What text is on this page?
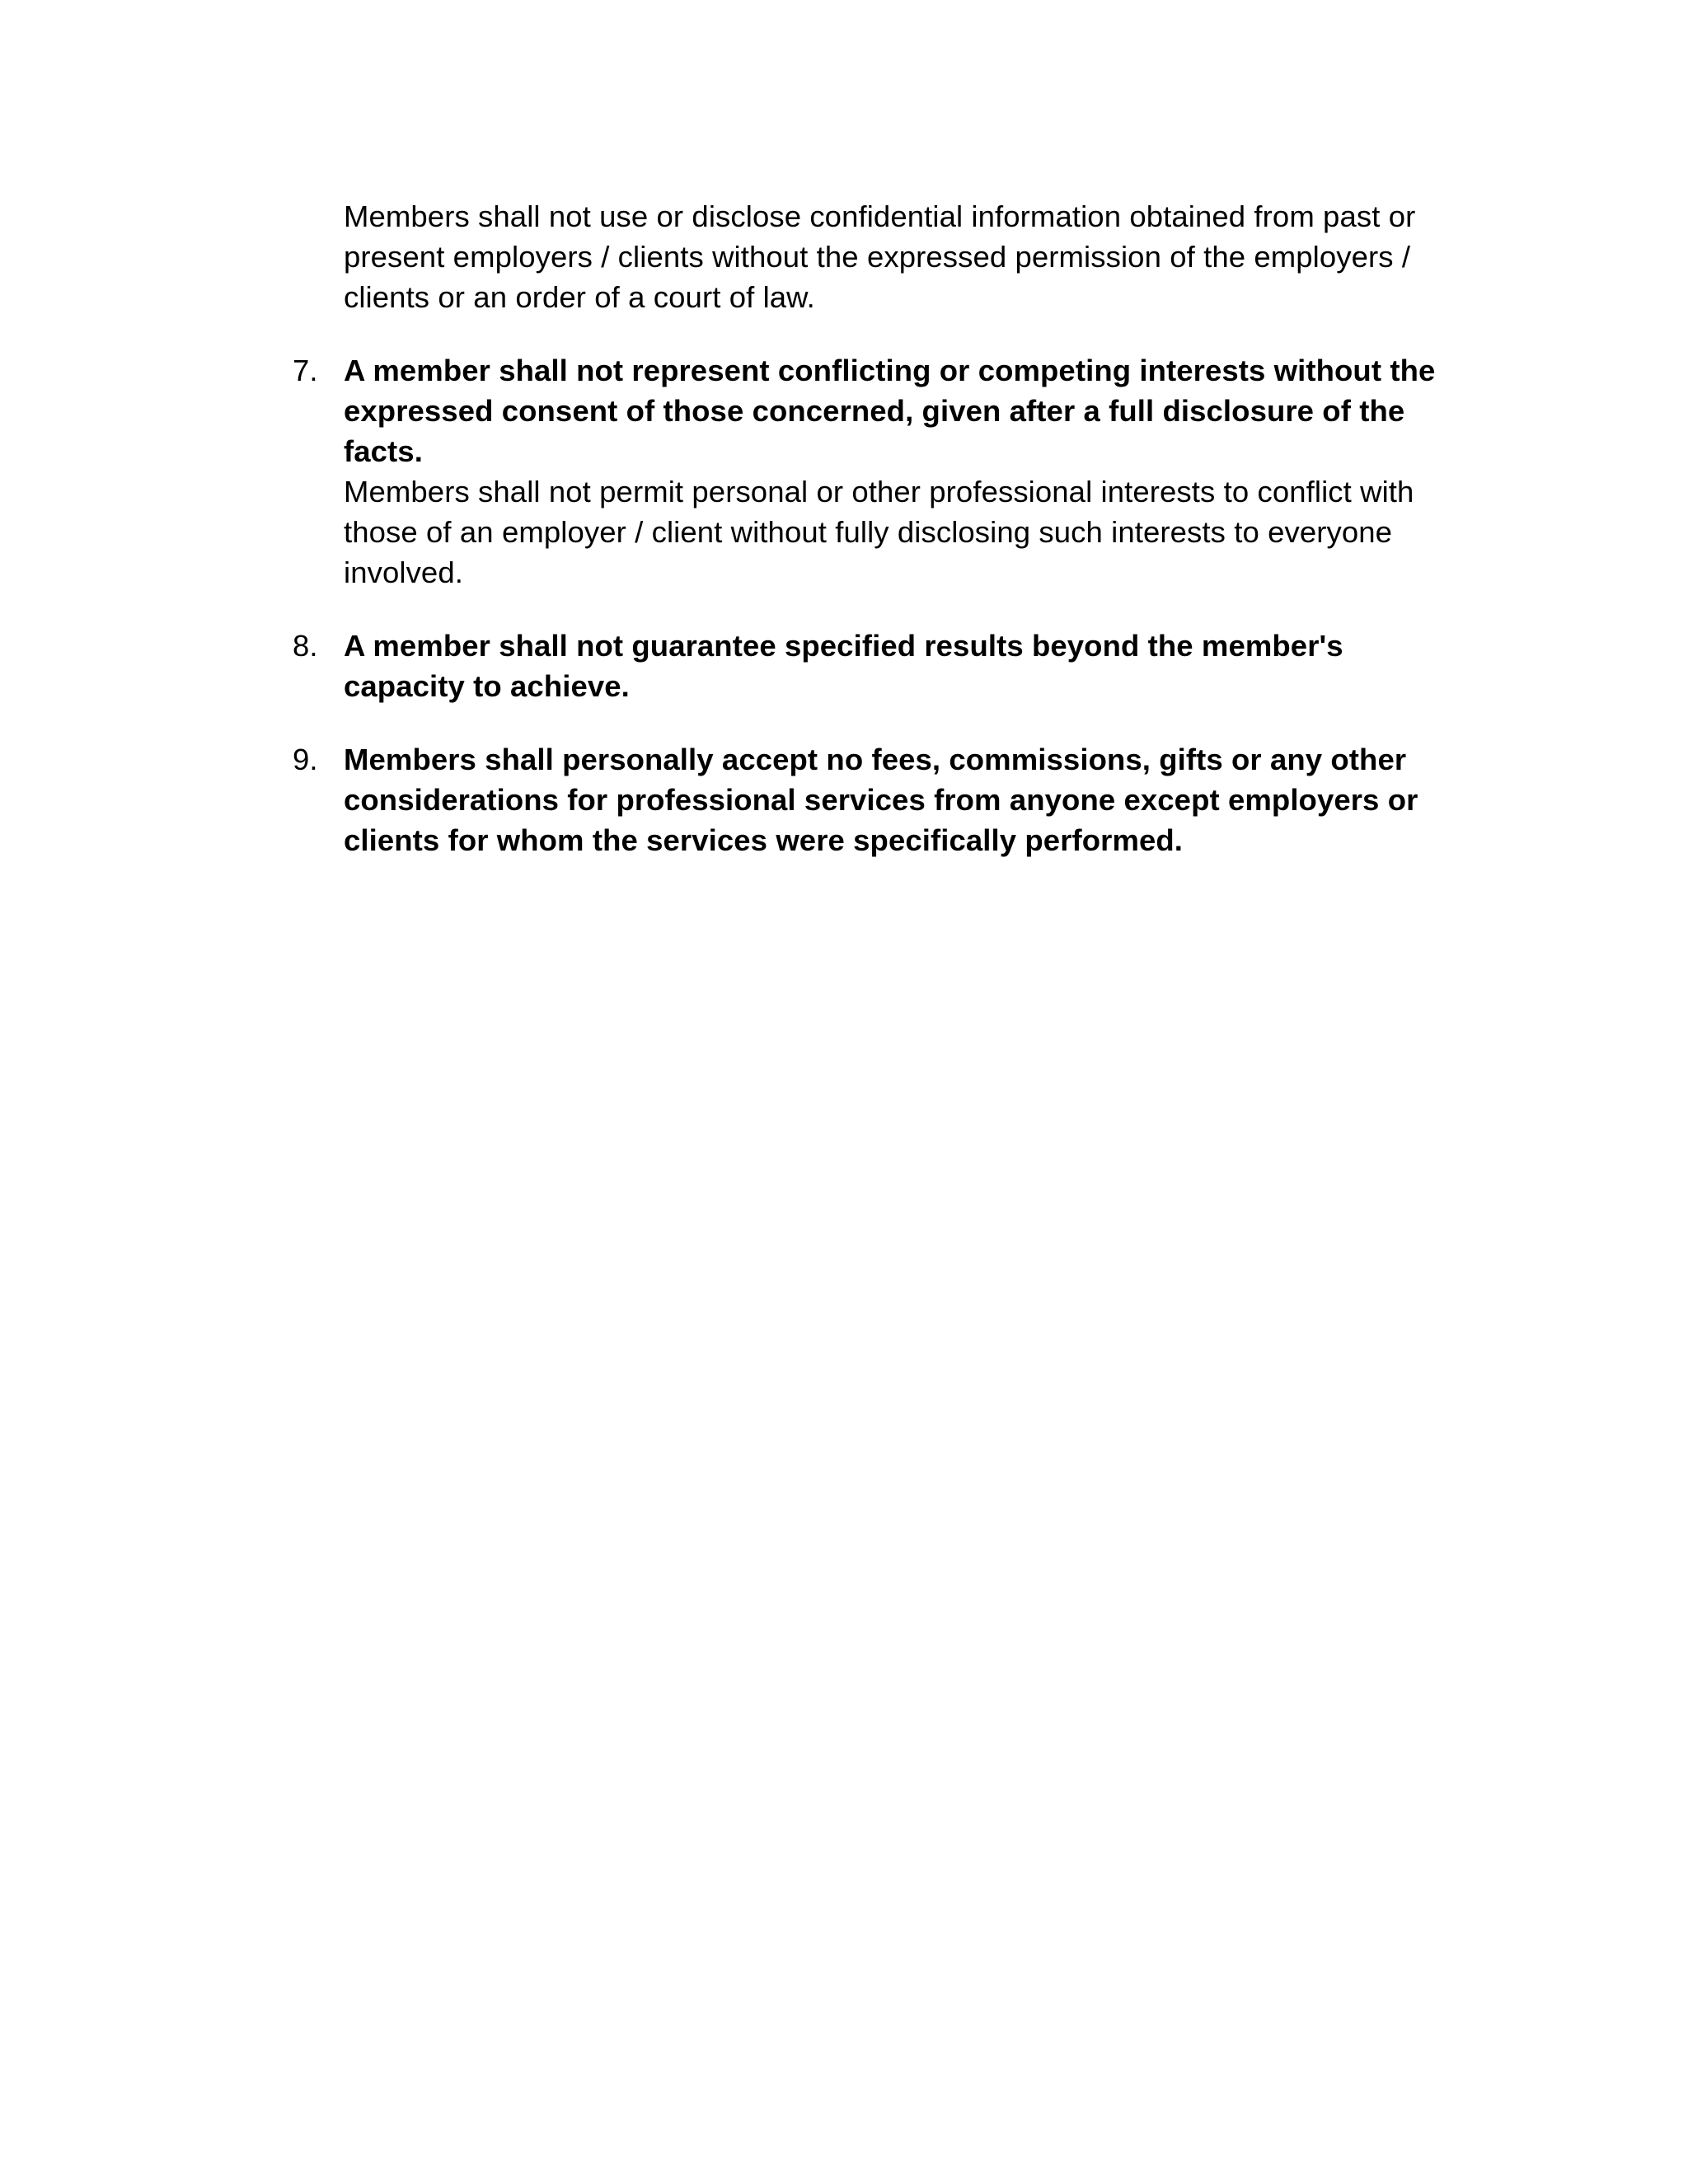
Members shall not use or disclose confidential information obtained from past or present employers / clients without the expressed permission of the employers / clients or an order of a court of law.
7. A member shall not represent conflicting or competing interests without the expressed consent of those concerned, given after a full disclosure of the facts.
Members shall not permit personal or other professional interests to conflict with those of an employer / client without fully disclosing such interests to everyone involved.
8. A member shall not guarantee specified results beyond the member's capacity to achieve.
9. Members shall personally accept no fees, commissions, gifts or any other considerations for professional services from anyone except employers or clients for whom the services were specifically performed.
